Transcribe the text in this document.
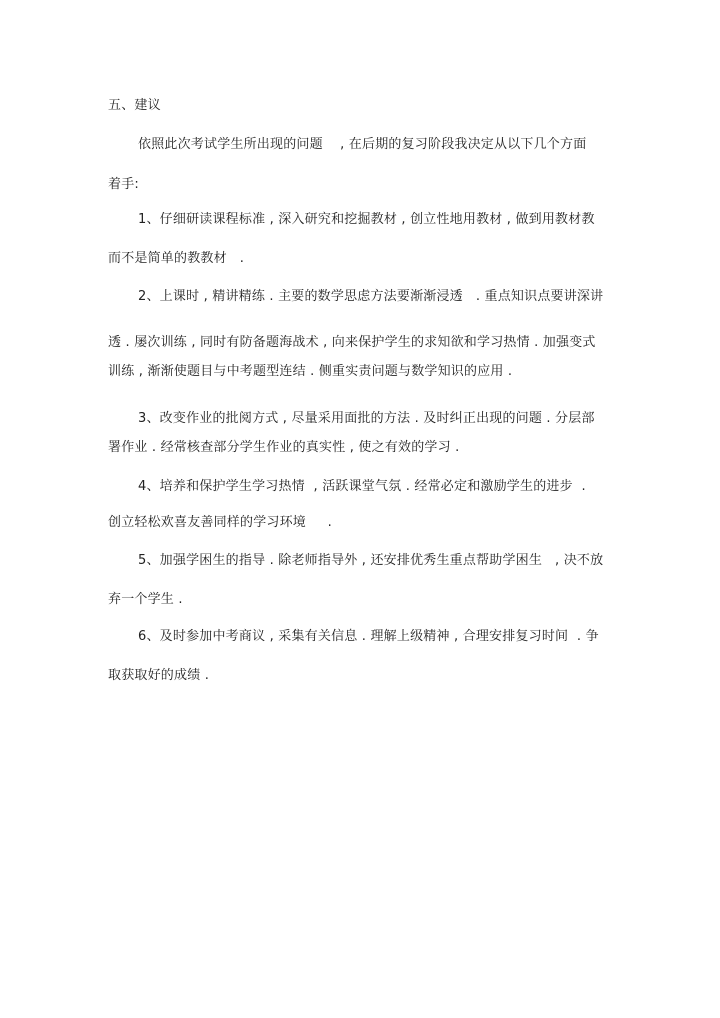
五、建议
依照此次考试学生所出现的问题    , 在后期的复习阶段我决定从以下几个方面
着手:
1、仔细研读课程标准 , 深入研究和挖掘教材 , 创立性地用教材 , 做到用教材教
而不是简单的教教材   .
2、上课时 , 精讲精练 . 主要的数学思虑方法要渐渐浸透   . 重点知识点要讲深讲
透 . 屡次训练 , 同时有防备题海战术 , 向来保护学生的求知欲和学习热情 . 加强变式
训练 , 渐渐使题目与中考题型连结 . 侧重实责问题与数学知识的应用 .
3、改变作业的批阅方式 , 尽量采用面批的方法 . 及时纠正出现的问题 . 分层部
署作业 . 经常核查部分学生作业的真实性 , 使之有效的学习 .
4、培养和保护学生学习热情  , 活跃课堂气氛 . 经常必定和激励学生的进步  .
创立轻松欢喜友善同样的学习环境     .
5、加强学困生的指导 . 除老师指导外 , 还安排优秀生重点帮助学困生   , 决不放
弃一个学生 .
6、及时参加中考商议 , 采集有关信息 . 理解上级精神 , 合理安排复习时间  . 争
取获取好的成绩 .
